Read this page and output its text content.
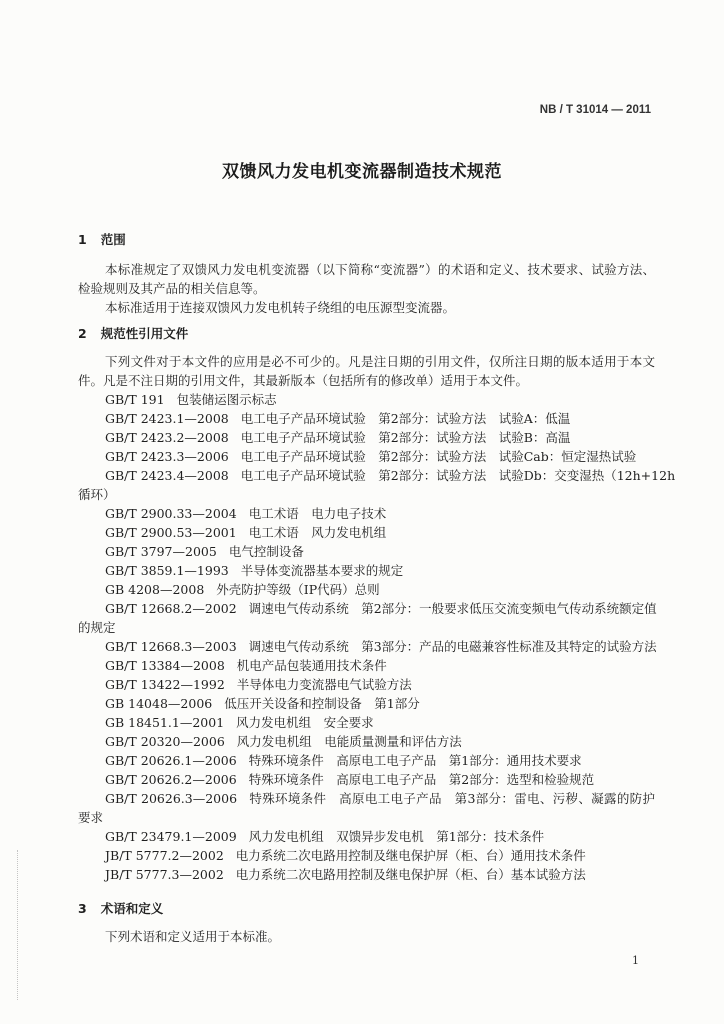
NB / T 31014 — 2011
双馈风力发电机变流器制造技术规范
1 范围
本标准规定了双馈风力发电机变流器（以下简称“变流器”）的术语和定义、技术要求、试验方法、
检验规则及其产品的相关信息等。
本标准适用于连接双馈风力发电机转子绕组的电压源型变流器。
2 规范性引用文件
下列文件对于本文件的应用是必不可少的。凡是注日期的引用文件，仅所注日期的版本适用于本文
件。凡是不注日期的引用文件，其最新版本（包括所有的修改单）适用于本文件。
GB/T 191 包装储运图示标志
GB/T 2423.1—2008 电工电子产品环境试验　第2部分：试验方法　试验A：低温
GB/T 2423.2—2008 电工电子产品环境试验　第2部分：试验方法　试验B：高温
GB/T 2423.3—2006 电工电子产品环境试验　第2部分：试验方法　试验Cab：恒定湿热试验
GB/T 2423.4—2008 电工电子产品环境试验　第2部分：试验方法　试验Db：交变湿热（12h+12h
循环）
GB/T 2900.33—2004 电工术语　电力电子技术
GB/T 2900.53—2001 电工术语　风力发电机组
GB/T 3797—2005 电气控制设备
GB/T 3859.1—1993 半导体变流器基本要求的规定
GB 4208—2008 外壳防护等级（IP代码）总则
GB/T 12668.2—2002 调速电气传动系统　第2部分：一般要求低压交流变频电气传动系统额定值
的规定
GB/T 12668.3—2003 调速电气传动系统　第3部分：产品的电磁兼容性标准及其特定的试验方法
GB/T 13384—2008 机电产品包装通用技术条件
GB/T 13422—1992 半导体电力变流器电气试验方法
GB 14048—2006 低压开关设备和控制设备　第1部分
GB 18451.1—2001 风力发电机组　安全要求
GB/T 20320—2006 风力发电机组　电能质量测量和评估方法
GB/T 20626.1—2006 特殊环境条件　高原电工电子产品　第1部分：通用技术要求
GB/T 20626.2—2006 特殊环境条件　高原电工电子产品　第2部分：选型和检验规范
GB/T 20626.3—2006 特殊环境条件　高原电工电子产品　第3部分：雷电、污秽、凝露的防护
要求
GB/T 23479.1—2009 风力发电机组　双馈异步发电机　第1部分：技术条件
JB/T 5777.2—2002 电力系统二次电路用控制及继电保护屏（柜、台）通用技术条件
JB/T 5777.3—2002 电力系统二次电路用控制及继电保护屏（柜、台）基本试验方法
3 术语和定义
下列术语和定义适用于本标准。
1
